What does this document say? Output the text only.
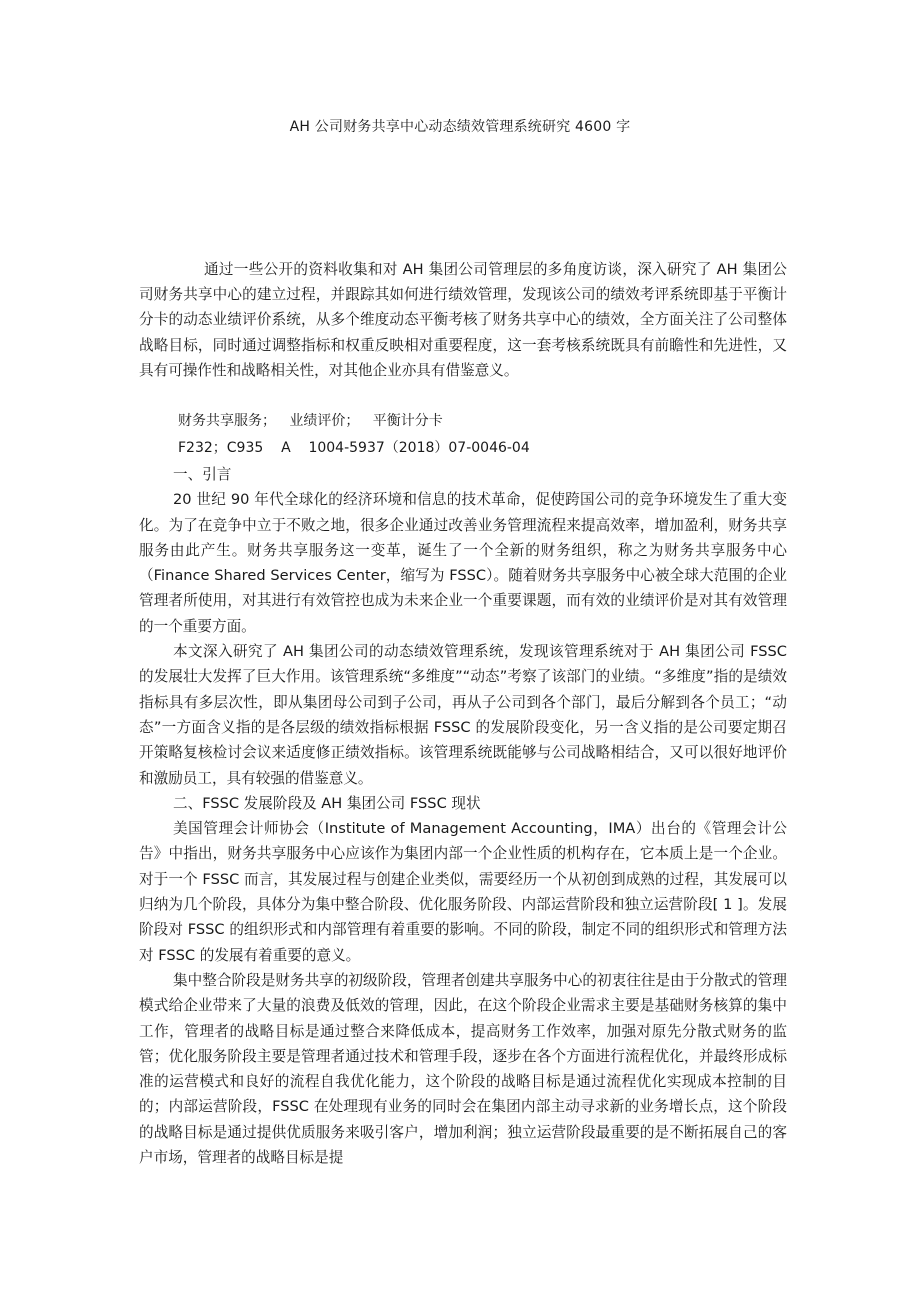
AH 公司财务共享中心动态绩效管理系统研究 4600 字

通过一些公开的资料收集和对 AH 集团公司管理层的多角度访谈，深入研究了 AH 集团公司财务共享中心的建立过程，并跟踪其如何进行绩效管理，发现该公司的绩效考评系统即基于平衡计分卡的动态业绩评价系统，从多个维度动态平衡考核了财务共享中心的绩效，全方面关注了公司整体战略目标，同时通过调整指标和权重反映相对重要程度，这一套考核系统既具有前瞻性和先进性，又具有可操作性和战略相关性，对其他企业亦具有借鉴意义。

财务共享服务；   业绩评价；   平衡计分卡

F232；C935    A    1004-5937（2018）07-0046-04

一、引言

20 世纪 90 年代全球化的经济环境和信息的技术革命，促使跨国公司的竞争环境发生了重大变化。为了在竞争中立于不败之地，很多企业通过改善业务管理流程来提高效率，增加盈利，财务共享服务由此产生。财务共享服务这一变革，诞生了一个全新的财务组织，称之为财务共享服务中心（Finance Shared Services Center，缩写为 FSSC）。随着财务共享服务中心被全球大范围的企业管理者所使用，对其进行有效管控也成为未来企业一个重要课题，而有效的业绩评价是对其有效管理的一个重要方面。

本文深入研究了 AH 集团公司的动态绩效管理系统，发现该管理系统对于 AH 集团公司 FSSC 的发展壮大发挥了巨大作用。该管理系统“多维度”“动态”考察了该部门的业绩。“多维度”指的是绩效指标具有多层次性，即从集团母公司到子公司，再从子公司到各个部门，最后分解到各个员工；“动态”一方面含义指的是各层级的绩效指标根据 FSSC 的发展阶段变化，另一含义指的是公司要定期召开策略复核检讨会议来适度修正绩效指标。该管理系统既能够与公司战略相结合，又可以很好地评价和激励员工，具有较强的借鉴意义。

二、FSSC 发展阶段及 AH 集团公司 FSSC 现状

美国管理会计师协会（Institute of Management Accounting，IMA）出台的《管理会计公告》中指出，财务共享服务中心应该作为集团内部一个企业性质的机构存在，它本质上是一个企业。对于一个 FSSC 而言，其发展过程与创建企业类似，需要经历一个从初创到成熟的过程，其发展可以归纳为几个阶段，具体分为集中整合阶段、优化服务阶段、内部运营阶段和独立运营阶段[ 1 ]。发展阶段对 FSSC 的组织形式和内部管理有着重要的影响。不同的阶段，制定不同的组织形式和管理方法对 FSSC 的发展有着重要的意义。

集中整合阶段是财务共享的初级阶段，管理者创建共享服务中心的初衷往往是由于分散式的管理模式给企业带来了大量的浪费及低效的管理，因此，在这个阶段企业需求主要是基础财务核算的集中工作，管理者的战略目标是通过整合来降低成本，提高财务工作效率，加强对原先分散式财务的监管；优化服务阶段主要是管理者通过技术和管理手段，逐步在各个方面进行流程优化，并最终形成标准的运营模式和良好的流程自我优化能力，这个阶段的战略目标是通过流程优化实现成本控制的目的；内部运营阶段，FSSC 在处理现有业务的同时会在集团内部主动寻求新的业务增长点，这个阶段的战略目标是通过提供优质服务来吸引客户，增加利润；独立运营阶段最重要的是不断拓展自己的客户市场，管理者的战略目标是提
